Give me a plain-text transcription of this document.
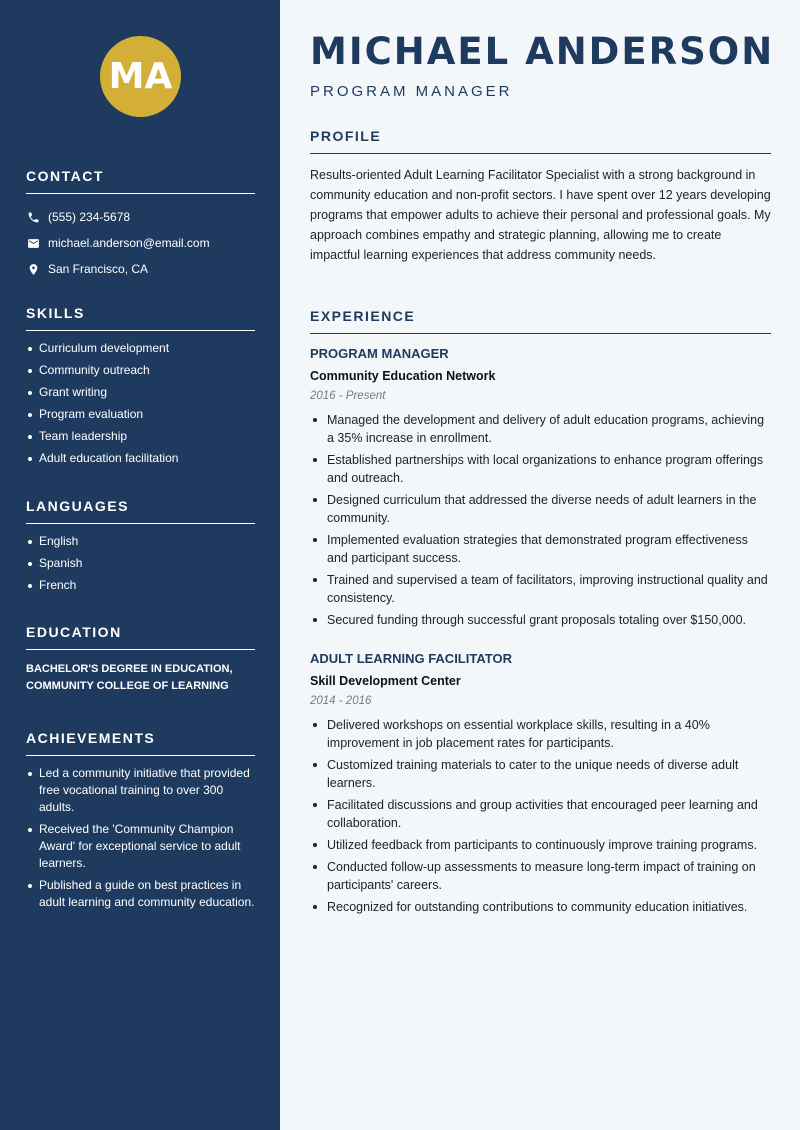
MA
CONTACT
(555) 234-5678
michael.anderson@email.com
San Francisco, CA
SKILLS
Curriculum development
Community outreach
Grant writing
Program evaluation
Team leadership
Adult education facilitation
LANGUAGES
English
Spanish
French
EDUCATION

BACHELOR'S DEGREE IN EDUCATION, COMMUNITY COLLEGE OF LEARNING

ACHIEVEMENTS
Led a community initiative that provided free vocational training to over 300 adults.
Received the 'Community Champion Award' for exceptional service to adult learners.
Published a guide on best practices in adult learning and community education.
MICHAEL ANDERSON
PROGRAM MANAGER
PROFILE

Results-oriented Adult Learning Facilitator Specialist with a strong background in community education and non-profit sectors. I have spent over 12 years developing programs that empower adults to achieve their personal and professional goals. My approach combines empathy and strategic planning, allowing me to create impactful learning experiences that address community needs.

EXPERIENCE
PROGRAM MANAGER
Community Education Network
2016 - Present
Managed the development and delivery of adult education programs, achieving a 35% increase in enrollment.
Established partnerships with local organizations to enhance program offerings and outreach.
Designed curriculum that addressed the diverse needs of adult learners in the community.
Implemented evaluation strategies that demonstrated program effectiveness and participant success.
Trained and supervised a team of facilitators, improving instructional quality and consistency.
Secured funding through successful grant proposals totaling over $150,000.
ADULT LEARNING FACILITATOR
Skill Development Center
2014 - 2016
Delivered workshops on essential workplace skills, resulting in a 40% improvement in job placement rates for participants.
Customized training materials to cater to the unique needs of diverse adult learners.
Facilitated discussions and group activities that encouraged peer learning and collaboration.
Utilized feedback from participants to continuously improve training programs.
Conducted follow-up assessments to measure long-term impact of training on participants' careers.
Recognized for outstanding contributions to community education initiatives.
